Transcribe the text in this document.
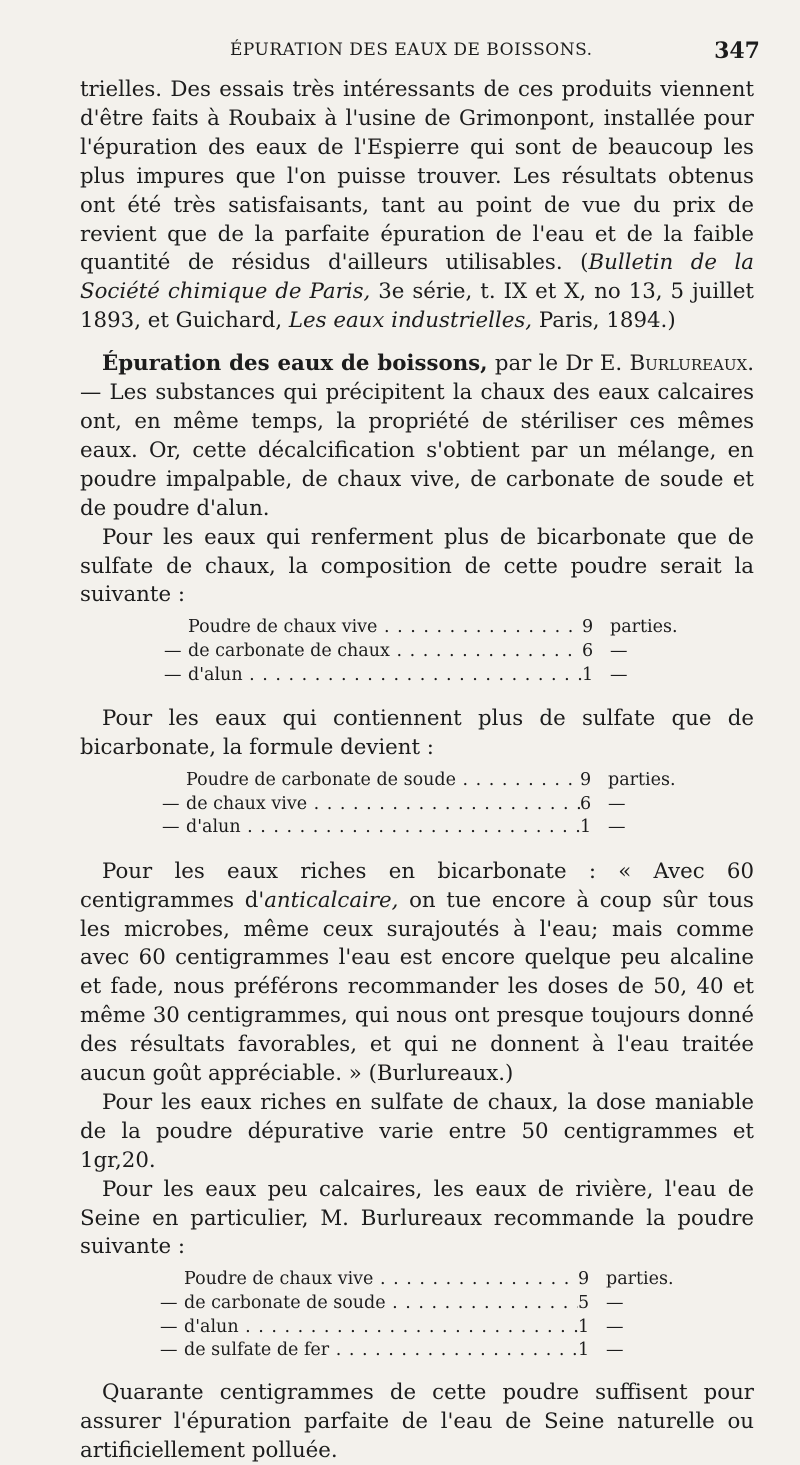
ÉPURATION DES EAUX DE BOISSONS.	347

trielles. Des essais très intéressants de ces produits viennent d'être faits à Roubaix à l'usine de Grimonpont, installée pour l'épuration des eaux de l'Espierre qui sont de beaucoup les plus impures que l'on puisse trouver. Les résultats obtenus ont été très satisfaisants, tant au point de vue du prix de revient que de la parfaite épuration de l'eau et de la faible quantité de résidus d'ailleurs utilisables. (Bulletin de la Société chimique de Paris, 3e série, t. IX et X, no 13, 5 juillet 1893, et Guichard, Les eaux industrielles, Paris, 1894.)

Épuration des eaux de boissons, par le Dr E. Burlureaux. — Les substances qui précipitent la chaux des eaux calcaires ont, en même temps, la propriété de stériliser ces mêmes eaux. Or, cette décalcification s'obtient par un mélange, en poudre impalpable, de chaux vive, de carbonate de soude et de poudre d'alun.

Pour les eaux qui renferment plus de bicarbonate que de sulfate de chaux, la composition de cette poudre serait la suivante :

Poudre de chaux vive . . .	9 parties.
— de carbonate de chaux . . .	6 —
— d'alun . . .	1 —

Pour les eaux qui contiennent plus de sulfate que de bicarbonate, la formule devient :

Poudre de carbonate de soude . . .	9 parties.
— de chaux vive . . .	6 —
— d'alun . . .	1 —

Pour les eaux riches en bicarbonate : « Avec 60 centigrammes d'anticalcaire, on tue encore à coup sûr tous les microbes, même ceux surajoutés à l'eau; mais comme avec 60 centigrammes l'eau est encore quelque peu alcaline et fade, nous préférons recommander les doses de 50, 40 et même 30 centigrammes, qui nous ont presque toujours donné des résultats favorables, et qui ne donnent à l'eau traitée aucun goût appréciable. » (Burlureaux.)

Pour les eaux riches en sulfate de chaux, la dose maniable de la poudre dépurative varie entre 50 centigrammes et 1gr,20.

Pour les eaux peu calcaires, les eaux de rivière, l'eau de Seine en particulier, M. Burlureaux recommande la poudre suivante :

Poudre de chaux vive . . .	9 parties.
— de carbonate de soude . . .	5 —
— d'alun . . .	1 —
— de sulfate de fer . . .	1 —

Quarante centigrammes de cette poudre suffisent pour assurer l'épuration parfaite de l'eau de Seine naturelle ou artificiellement polluée.
